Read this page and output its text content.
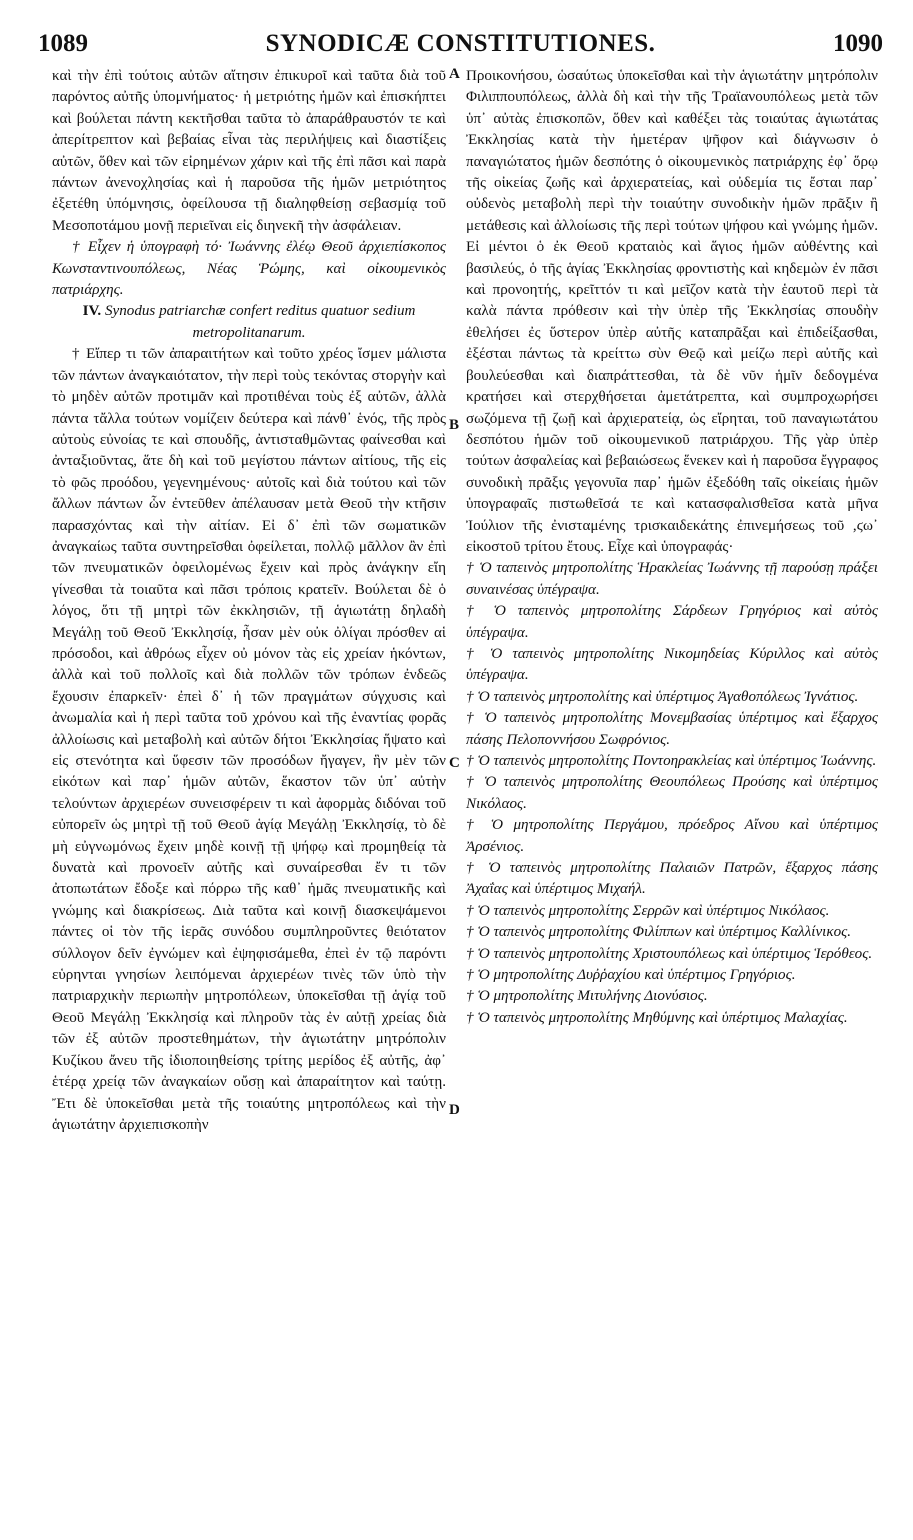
1089	SYNODICÆ CONSTITUTIONES.	1090
A
B
C
D

καὶ τὴν ἐπὶ τούτοις αὐτῶν αἴτησιν ἐπικυροῖ καὶ ταῦτα διὰ τοῦ παρόντος αὐτῆς ὑπομνήματος· ἡ μετριότης ἡμῶν καὶ ἐπισκήπτει καὶ βούλεται πάντη κεκτῆσθαι ταῦτα τὸ ἀπαράθραυστόν τε καὶ ἀπερίτρεπτον καὶ βεβαίας εἶναι τὰς περιλήψεις καὶ διαστίξεις αὐτῶν, ὅθεν καὶ τῶν εἰρημένων χάριν καὶ τῆς ἐπὶ πᾶσι καὶ παρὰ πάντων ἀνενοχλησίας καὶ ἡ παροῦσα τῆς ἡμῶν μετριότητος ἐξετέθη ὑπόμνησις, ὀφείλουσα τῇ διαληφθείσῃ σεβασμίᾳ τοῦ Μεσοποτάμου μονῇ περιεῖναι εἰς διηνεκῆ τὴν ἀσφάλειαν.

† Εἶχεν ἡ ὑπογραφὴ τό· Ἰωάννης ἐλέῳ Θεοῦ ἀρχιεπίσκοπος Κωνσταντινουπόλεως, Νέας Ῥώμης, καὶ οἰκουμενικὸς πατριάρχης.

IV. Synodus patriarchæ confert reditus quatuor sedium metropolitanarum.

† Εἴπερ τι τῶν ἀπαραιτήτων καὶ τοῦτο χρέος ἴσμεν μάλιστα τῶν πάντων ἀναγκαιότατον, τὴν περὶ τοὺς τεκόντας στοργὴν καὶ τὸ μηδὲν αὐτῶν προτιμᾶν καὶ προτιθέναι τοὺς ἐξ αὐτῶν, ἀλλὰ πάντα τἄλλα τούτων νομίζειν δεύτερα καὶ πάνθ᾽ ἑνός, τῆς πρὸς αὐτοὺς εὐνοίας τε καὶ σπουδῆς, ἀντισταθμῶντας φαίνεσθαι καὶ ἀνταξιοῦντας, ἅτε δὴ καὶ τοῦ μεγίστου πάντων αἰτίους, τῆς εἰς τὸ φῶς προόδου, γεγενημένους· αὐτοῖς καὶ διὰ τούτου καὶ τῶν ἄλλων πάντων ὧν ἐντεῦθεν ἀπέλαυσαν μετὰ Θεοῦ τὴν κτῆσιν παρασχόντας καὶ τὴν αἰτίαν. Εἰ δ᾽ ἐπὶ τῶν σωματικῶν ἀναγκαίως ταῦτα συντηρεῖσθαι ὀφείλεται, πολλῷ μᾶλλον ἂν ἐπὶ τῶν πνευματικῶν ὀφειλομένως ἔχειν καὶ πρὸς ἀνάγκην εἴη γίνεσθαι τὰ τοιαῦτα καὶ πᾶσι τρόποις κρατεῖν. Βούλεται δὲ ὁ λόγος, ὅτι τῇ μητρὶ τῶν ἐκκλησιῶν, τῇ ἁγιωτάτῃ δηλαδὴ Μεγάλῃ τοῦ Θεοῦ Ἐκκλησίᾳ, ἦσαν μὲν οὐκ ὀλίγαι πρόσθεν αἱ πρόσοδοι, καὶ ἀθρόως εἶχεν οὐ μόνον τὰς εἰς χρείαν ἡκόντων, ἀλλὰ καὶ τοῦ πολλοῖς καὶ διὰ πολλῶν τῶν τρόπων ἐνδεῶς ἔχουσιν ἐπαρκεῖν· ἐπεὶ δ᾽ ἡ τῶν πραγμάτων σύγχυσις καὶ ἀνωμαλία καὶ ἡ περὶ ταῦτα τοῦ χρόνου καὶ τῆς ἐναντίας φορᾶς ἀλλοίωσις καὶ μεταβολὴ καὶ αὐτῶν δήτοι Ἐκκλησίας ἥψατο καὶ εἰς στενότητα καὶ ὕφεσιν τῶν προσόδων ἤγαγεν, ἣν μὲν τῶν εἰκότων καὶ παρ᾽ ἡμῶν αὐτῶν, ἕκαστον τῶν ὑπ᾽ αὐτὴν τελούντων ἀρχιερέων συνεισφέρειν τι καὶ ἀφορμὰς διδόναι τοῦ εὐπορεῖν ὡς μητρὶ τῇ τοῦ Θεοῦ ἁγίᾳ Μεγάλῃ Ἐκκλησίᾳ, τὸ δὲ μὴ εὐγνωμόνως ἔχειν μηδὲ κοινῇ τῇ ψήφῳ καὶ προμηθείᾳ τὰ δυνατὰ καὶ προνοεῖν αὐτῆς καὶ συναίρεσθαι ἔν τι τῶν ἀτοπωτάτων ἔδοξε καὶ πόρρω τῆς καθ᾽ ἡμᾶς πνευματικῆς καὶ γνώμης καὶ διακρίσεως. Διὰ ταῦτα καὶ κοινῇ διασκεψάμενοι πάντες οἱ τὸν τῆς ἱερᾶς συνόδου συμπληροῦντες θειότατον σύλλογον δεῖν ἐγνώμεν καὶ ἐψηφισάμεθα, ἐπεὶ ἐν τῷ παρόντι εὑρηνται γνησίων λειπόμεναι ἀρχιερέων τινὲς τῶν ὑπὸ τὴν πατριαρχικὴν περιωπὴν μητροπόλεων, ὑποκεῖσθαι τῇ ἁγίᾳ τοῦ Θεοῦ Μεγάλῃ Ἐκκλησίᾳ καὶ πληροῦν τὰς ἐν αὐτῇ χρείας διὰ τῶν ἐξ αὐτῶν προστεθημάτων, τὴν ἁγιωτάτην μητρόπολιν Κυζίκου ἄνευ τῆς ἰδιοποιηθείσης τρίτης μερίδος ἐξ αὐτῆς, ἀφ᾽ ἑτέρᾳ χρείᾳ τῶν ἀναγκαίων οὔσῃ καὶ ἀπαραίτητον καὶ ταύτῃ. Ἔτι δὲ ὑποκεῖσθαι μετὰ τῆς τοιαύτης μητροπόλεως καὶ τὴν ἁγιωτάτην ἀρχιεπισκοπὴν

Προικονήσου, ὡσαύτως ὑποκεῖσθαι καὶ τὴν ἁγιωτάτην μητρόπολιν Φιλιππουπόλεως, ἀλλὰ δὴ καὶ τὴν τῆς Τραϊανουπόλεως μετὰ τῶν ὑπ᾽ αὐτὰς ἐπισκοπῶν, ὅθεν καὶ καθέξει τὰς τοιαύτας ἁγιωτάτας Ἐκκλησίας κατὰ τὴν ἡμετέραν ψῆφον καὶ διάγνωσιν ὁ παναγιώτατος ἡμῶν δεσπότης ὁ οἰκουμενικὸς πατριάρχης ἐφ᾽ ὅρῳ τῆς οἰκείας ζωῆς καὶ ἀρχιερατείας, καὶ οὐδεμία τις ἔσται παρ᾽ οὐδενὸς μεταβολὴ περὶ τὴν τοιαύτην συνοδικὴν ἡμῶν πρᾶξιν ἢ μετάθεσις καὶ ἀλλοίωσις τῆς περὶ τούτων ψήφου καὶ γνώμης ἡμῶν. Εἰ μέντοι ὁ ἐκ Θεοῦ κραταιὸς καὶ ἅγιος ἡμῶν αὐθέντης καὶ βασιλεύς, ὁ τῆς ἁγίας Ἐκκλησίας φροντιστὴς καὶ κηδεμὼν ἐν πᾶσι καὶ προνοητής, κρεῖττόν τι καὶ μεῖζον κατὰ τὴν ἑαυτοῦ περὶ τὰ καλὰ πάντα πρόθεσιν καὶ τὴν ὑπὲρ τῆς Ἐκκλησίας σπουδὴν ἐθελήσει ἐς ὕστερον ὑπὲρ αὐτῆς καταπρᾶξαι καὶ ἐπιδείξασθαι, ἐξέσται πάντως τὰ κρείττω σὺν Θεῷ καὶ μείζω περὶ αὐτῆς καὶ βουλεύεσθαι καὶ διαπράττεσθαι, τὰ δὲ νῦν ἡμῖν δεδογμένα κρατήσει καὶ στερχθήσεται ἀμετάτρεπτα, καὶ συμπροχωρήσει σωζόμενα τῇ ζωῇ καὶ ἀρχιερατείᾳ, ὡς εἴρηται, τοῦ παναγιωτάτου δεσπότου ἡμῶν τοῦ οἰκουμενικοῦ πατριάρχου. Τῆς γὰρ ὑπὲρ τούτων ἀσφαλείας καὶ βεβαιώσεως ἕνεκεν καὶ ἡ παροῦσα ἔγγραφος συνοδικὴ πρᾶξις γεγονυῖα παρ᾽ ἡμῶν ἐξεδόθη ταῖς οἰκείαις ἡμῶν ὑπογραφαῖς πιστωθεῖσά τε καὶ κατασφαλισθεῖσα κατὰ μῆνα Ἰούλιον τῆς ἐνισταμένης τρισκαιδεκάτης ἐπινεμήσεως τοῦ ,ϛω᾽ εἰκοστοῦ τρίτου ἔτους. Εἶχε καὶ ὑπογραφάς·

† Ὁ ταπεινὸς μητροπολίτης Ἡρακλείας Ἰωάννης τῇ παρούσῃ πράξει συναινέσας ὑπέγραψα.

† Ὁ ταπεινὸς μητροπολίτης Σάρδεων Γρηγόριος καὶ αὐτὸς ὑπέγραψα.

† Ὁ ταπεινὸς μητροπολίτης Νικομηδείας Κύριλλος καὶ αὐτὸς ὑπέγραψα.

† Ὁ ταπεινὸς μητροπολίτης καὶ ὑπέρτιμος Ἀγαθοπόλεως Ἰγνάτιος.

† Ὁ ταπεινὸς μητροπολίτης Μονεμβασίας ὑπέρτιμος καὶ ἔξαρχος πάσης Πελοποννήσου Σωφρόνιος.

† Ὁ ταπεινὸς μητροπολίτης Ποντοηρακλείας καὶ ὑπέρτιμος Ἰωάννης.

† Ὁ ταπεινὸς μητροπολίτης Θεουπόλεως Προύσης καὶ ὑπέρτιμος Νικόλαος.

† Ὁ μητροπολίτης Περγάμου, πρόεδρος Αἴνου καὶ ὑπέρτιμος Ἀρσένιος.

† Ὁ ταπεινὸς μητροπολίτης Παλαιῶν Πατρῶν, ἔξαρχος πάσης Ἀχαΐας καὶ ὑπέρτιμος Μιχαήλ.

† Ὁ ταπεινὸς μητροπολίτης Σερρῶν καὶ ὑπέρτιμος Νικόλαος.

† Ὁ ταπεινὸς μητροπολίτης Φιλίππων καὶ ὑπέρτιμος Καλλίνικος.

† Ὁ ταπεινὸς μητροπολίτης Χριστουπόλεως καὶ ὑπέρτιμος Ἱερόθεος.

† Ὁ μητροπολίτης Δυῤῥαχίου καὶ ὑπέρτιμος Γρηγόριος.

† Ὁ μητροπολίτης Μιτυλήνης Διονύσιος.

† Ὁ ταπεινὸς μητροπολίτης Μηθύμνης καὶ ὑπέρτιμος Μαλαχίας.
